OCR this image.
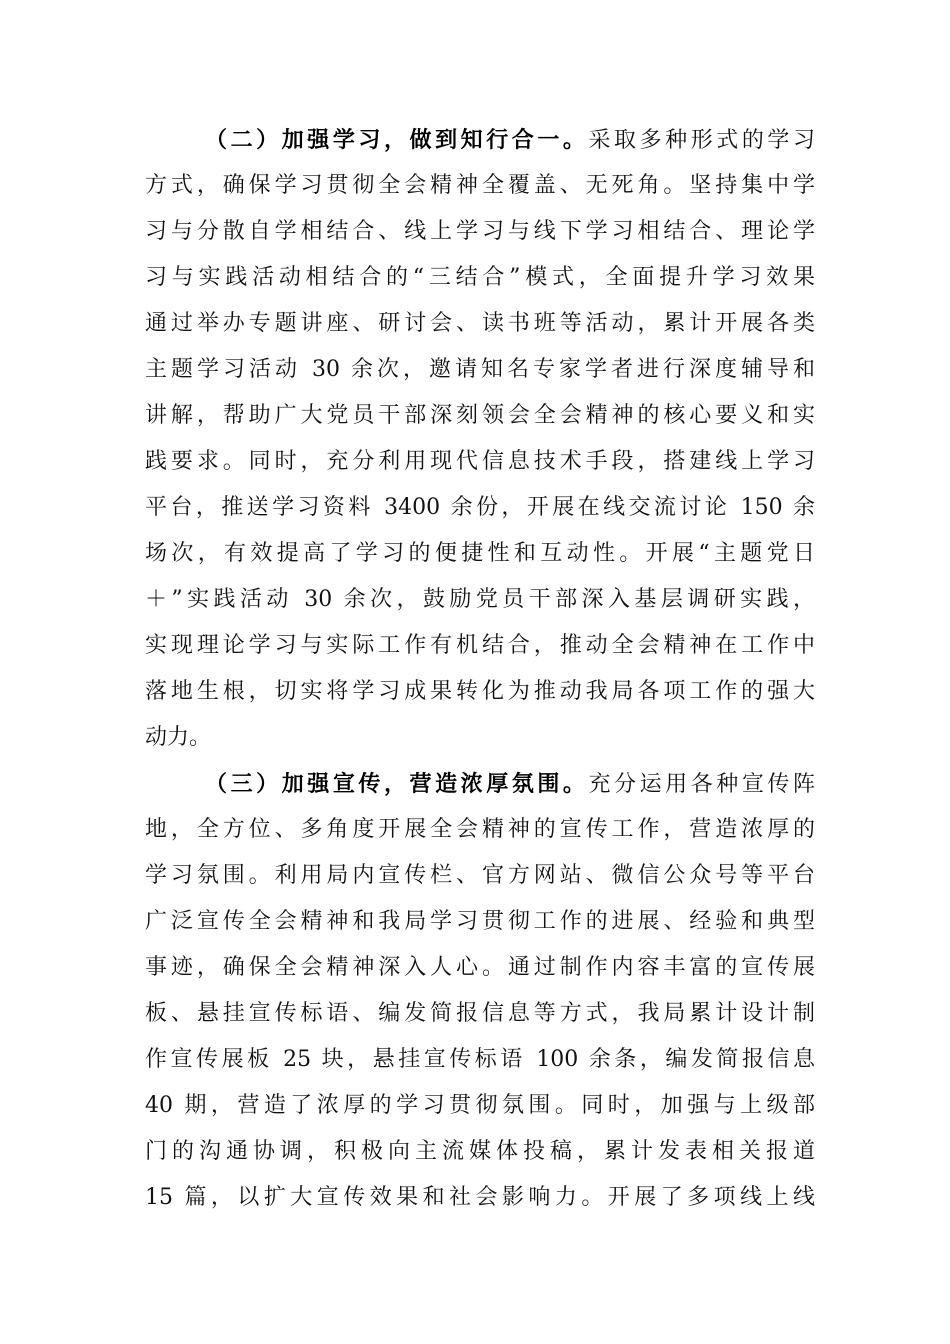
（二）加强学习，做到知行合一。采取多种形式的学习
方式，确保学习贯彻全会精神全覆盖、无死角。坚持集中学
习与分散自学相结合、线上学习与线下学习相结合、理论学
习与实践活动相结合的“三结合”模式，全面提升学习效果
通过举办专题讲座、研讨会、读书班等活动，累计开展各类
主题学习活动 30 余次，邀请知名专家学者进行深度辅导和
讲解，帮助广大党员干部深刻领会全会精神的核心要义和实
践要求。同时，充分利用现代信息技术手段，搭建线上学习
平台，推送学习资料 3400 余份，开展在线交流讨论 150 余
场次，有效提高了学习的便捷性和互动性。开展“主题党日
＋”实践活动 30 余次，鼓励党员干部深入基层调研实践，
实现理论学习与实际工作有机结合，推动全会精神在工作中
落地生根，切实将学习成果转化为推动我局各项工作的强大
动力。
（三）加强宣传，营造浓厚氛围。充分运用各种宣传阵
地，全方位、多角度开展全会精神的宣传工作，营造浓厚的
学习氛围。利用局内宣传栏、官方网站、微信公众号等平台
广泛宣传全会精神和我局学习贯彻工作的进展、经验和典型
事迹，确保全会精神深入人心。通过制作内容丰富的宣传展
板、悬挂宣传标语、编发简报信息等方式，我局累计设计制
作宣传展板 25 块，悬挂宣传标语 100 余条，编发简报信息
40 期，营造了浓厚的学习贯彻氛围。同时，加强与上级部
门的沟通协调，积极向主流媒体投稿，累计发表相关报道
15 篇，以扩大宣传效果和社会影响力。开展了多项线上线
